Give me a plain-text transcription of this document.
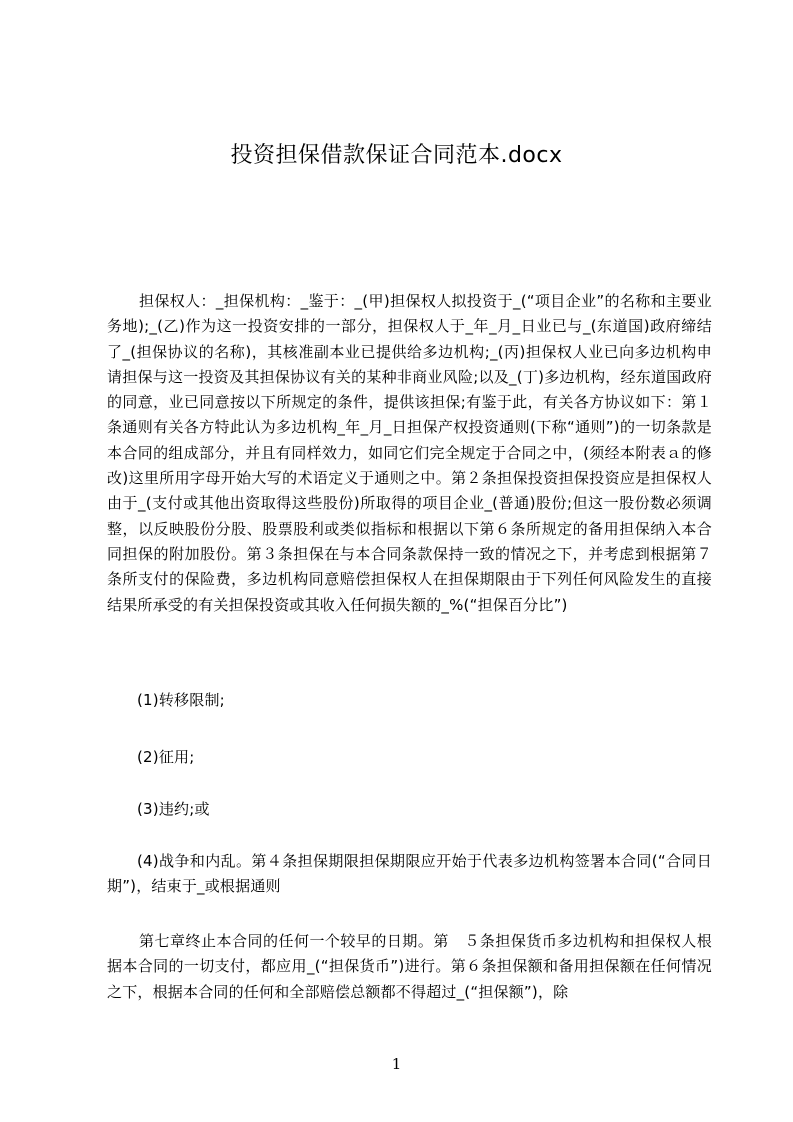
投资担保借款保证合同范本.docx

担保权人：_担保机构：_鉴于：_(甲)担保权人拟投资于_(“项目企业”的名称和主要业务地);_(乙)作为这一投资安排的一部分，担保权人于_年_月_日业已与_(东道国)政府缔结了_(担保协议的名称)，其核准副本业已提供给多边机构;_(丙)担保权人业已向多边机构申请担保与这一投资及其担保协议有关的某种非商业风险;以及_(丁)多边机构，经东道国政府的同意，业已同意按以下所规定的条件，提供该担保;有鉴于此，有关各方协议如下：第１条通则有关各方特此认为多边机构_年_月_日担保产权投资通则(下称“通则”)的一切条款是本合同的组成部分，并且有同样效力，如同它们完全规定于合同之中，(须经本附表ａ的修改)这里所用字母开始大写的术语定义于通则之中。第２条担保投资担保投资应是担保权人由于_(支付或其他出资取得这些股份)所取得的项目企业_(普通)股份;但这一股份数必须调整，以反映股份分股、股票股利或类似指标和根据以下第６条所规定的备用担保纳入本合同担保的附加股份。第３条担保在与本合同条款保持一致的情况之下，并考虑到根据第７条所支付的保险费，多边机构同意赔偿担保权人在担保期限由于下列任何风险发生的直接结果所承受的有关担保投资或其收入任何损失额的_%(“担保百分比”)

(1)转移限制;

(2)征用;

(3)违约;或

(4)战争和内乱。第４条担保期限担保期限应开始于代表多边机构签署本合同(“合同日期”)，结束于_或根据通则

第七章终止本合同的任何一个较早的日期。第　５条担保货币多边机构和担保权人根据本合同的一切支付，都应用_(“担保货币”)进行。第６条担保额和备用担保额在任何情况之下，根据本合同的任何和全部赔偿总额都不得超过_(“担保额”)，除

1
